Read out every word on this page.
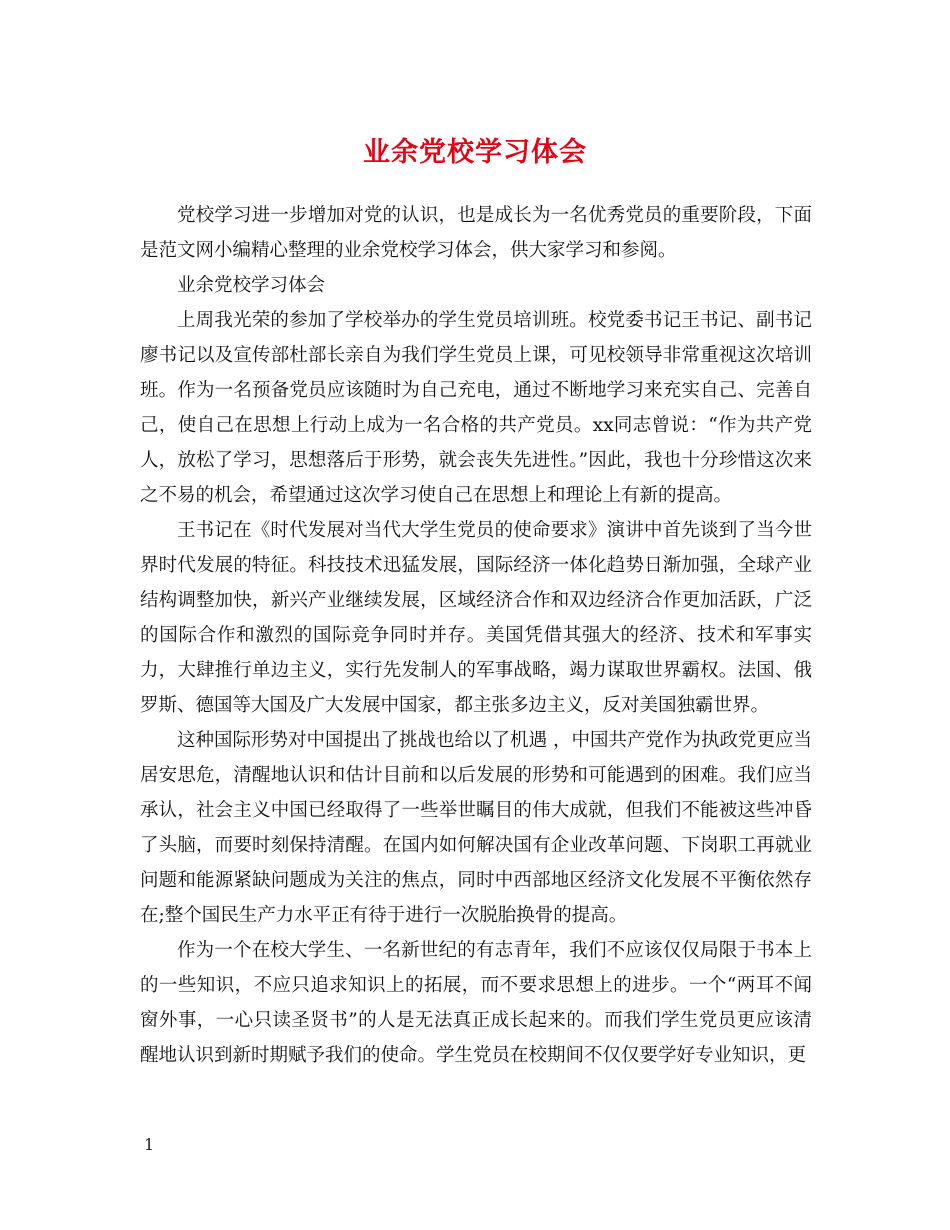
业余党校学习体会

党校学习进一步增加对党的认识，也是成长为一名优秀党员的重要阶段，下面是范文网小编精心整理的业余党校学习体会，供大家学习和参阅。

业余党校学习体会

上周我光荣的参加了学校举办的学生党员培训班。校党委书记王书记、副书记廖书记以及宣传部杜部长亲自为我们学生党员上课，可见校领导非常重视这次培训班。作为一名预备党员应该随时为自己充电，通过不断地学习来充实自己、完善自己，使自己在思想上行动上成为一名合格的共产党员。xx同志曾说：“作为共产党人，放松了学习，思想落后于形势，就会丧失先进性。”因此，我也十分珍惜这次来之不易的机会，希望通过这次学习使自己在思想上和理论上有新的提高。

王书记在《时代发展对当代大学生党员的使命要求》演讲中首先谈到了当今世界时代发展的特征。科技技术迅猛发展，国际经济一体化趋势日渐加强，全球产业结构调整加快，新兴产业继续发展，区域经济合作和双边经济合作更加活跃，广泛的国际合作和激烈的国际竞争同时并存。美国凭借其强大的经济、技术和军事实力，大肆推行单边主义，实行先发制人的军事战略，竭力谋取世界霸权。法国、俄罗斯、德国等大国及广大发展中国家，都主张多边主义，反对美国独霸世界。

这种国际形势对中国提出了挑战也给以了机遇 ，中国共产党作为执政党更应当居安思危，清醒地认识和估计目前和以后发展的形势和可能遇到的困难。我们应当承认，社会主义中国已经取得了一些举世瞩目的伟大成就，但我们不能被这些冲昏了头脑，而要时刻保持清醒。在国内如何解决国有企业改革问题、下岗职工再就业问题和能源紧缺问题成为关注的焦点，同时中西部地区经济文化发展不平衡依然存在;整个国民生产力水平正有待于进行一次脱胎换骨的提高。

作为一个在校大学生、一名新世纪的有志青年，我们不应该仅仅局限于书本上的一些知识，不应只追求知识上的拓展，而不要求思想上的进步。一个“两耳不闻窗外事，一心只读圣贤书”的人是无法真正成长起来的。而我们学生党员更应该清醒地认识到新时期赋予我们的使命。学生党员在校期间不仅仅要学好专业知识，更

1
